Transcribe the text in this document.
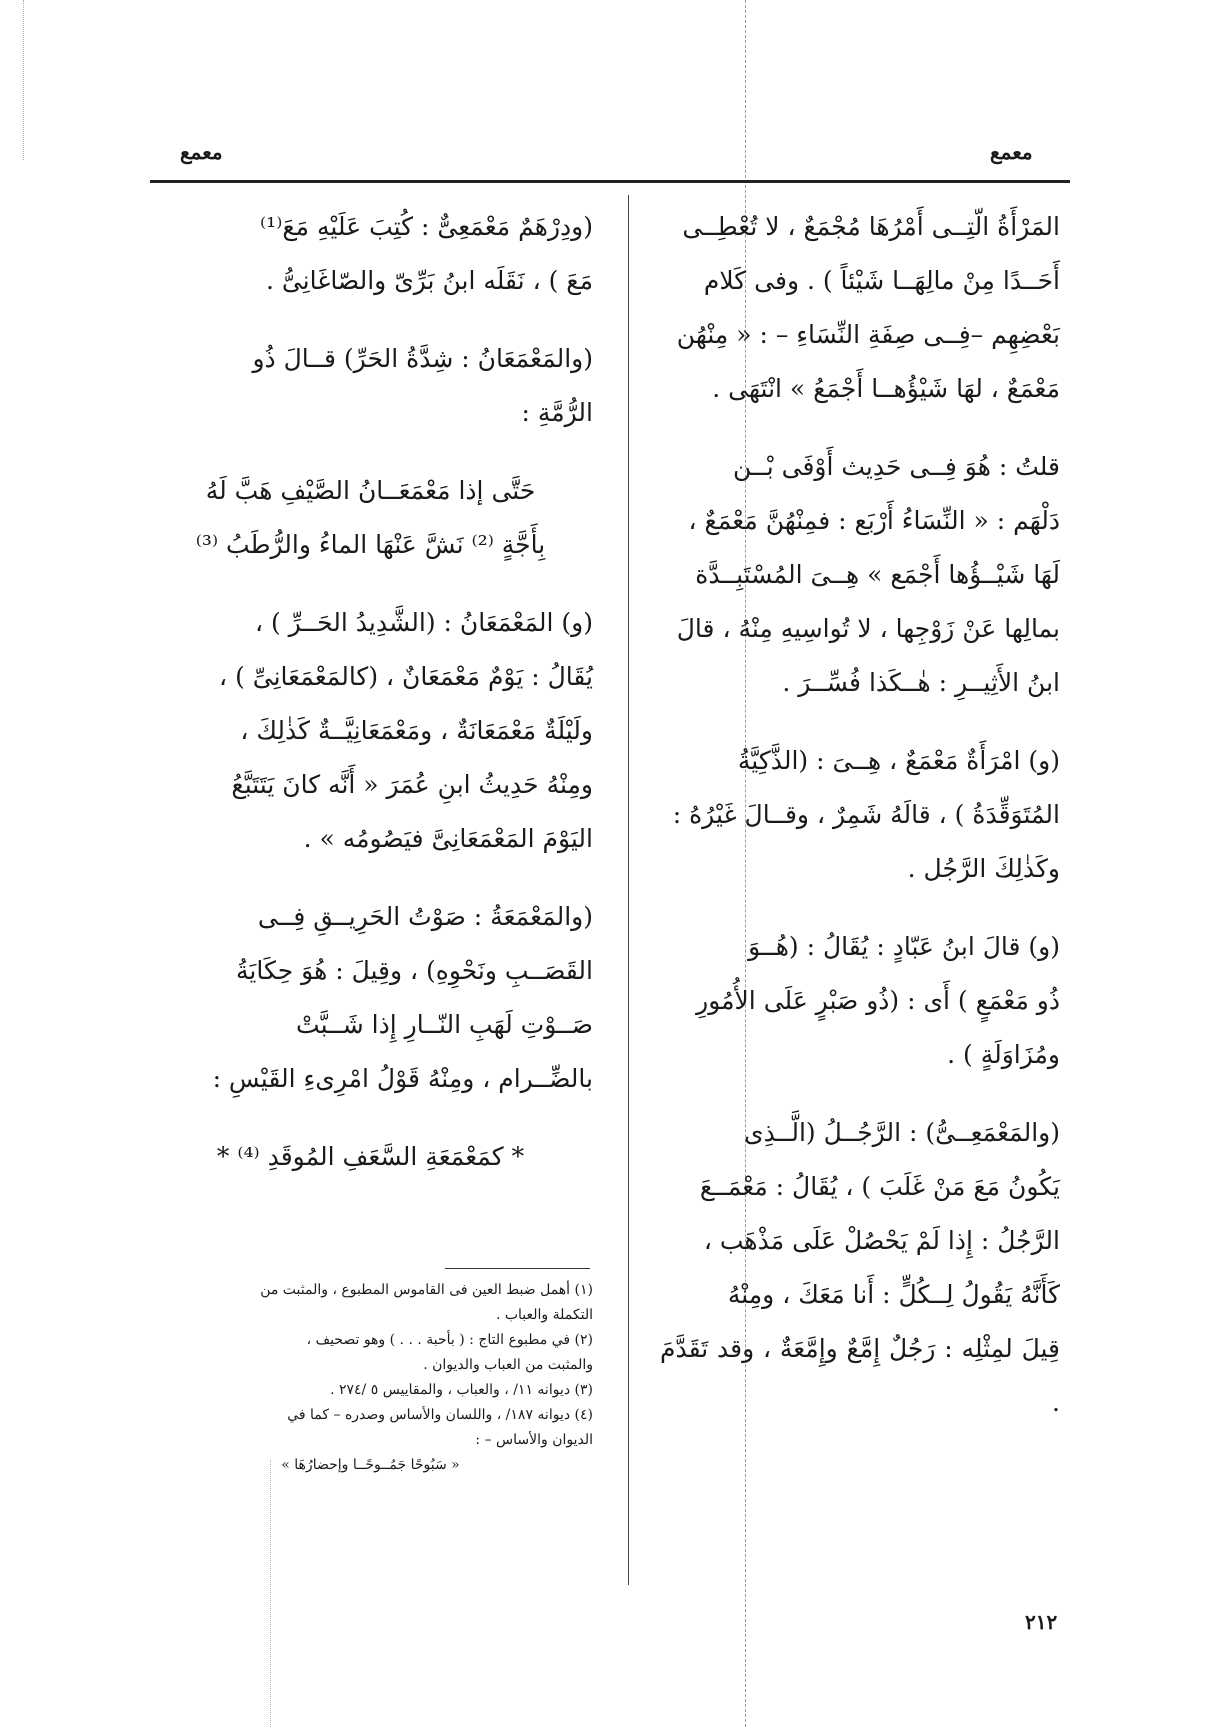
معمع
معمع

المَرْأَةُ الّتِــى أَمْرُهَا مُجْمَعٌ ، لا تُعْطِــى

أَحَــدًا مِنْ مالِهَــا شَيْئاً ) . وفى كَلام

بَعْضِهِم –فِــى صِفَةِ النِّسَاءِ – : « مِنْهُن

مَعْمَعٌ ، لهَا شَيْؤُهــا أَجْمَعُ » انْتَهَى .

قلتُ : هُوَ فِــى حَدِيث أَوْفَى بْــن

دَلْهَم : « النِّسَاءُ أَرْبَع : فمِنْهُنَّ مَعْمَعٌ ،

لَهَا شَيْــؤُها أَجْمَع » هِــىَ المُسْتَبِــدَّة

بمالِها عَنْ زَوْجِها ، لا تُواسِيهِ مِنْهُ ، قالَ

ابنُ الأَثِيــرِ : هٰــكَذا فُسِّــرَ .

(و) امْرَأَةٌ مَعْمَعٌ ، هِــىَ : (الذَّكِيَّةُ

المُتَوَقِّدَةُ ) ، قالَهُ شَمِرٌ ، وقــالَ غَيْرُهُ :

وكَذٰلِكَ الرَّجُل .

(و) قالَ ابنُ عَبّادٍ : يُقَالُ : (هُــوَ

ذُو مَعْمَعٍ ) أَى : (ذُو صَبْرٍ عَلَى الأُمُورِ

ومُزَاوَلَةٍ ) .

(والمَعْمَعِــىُّ) : الرَّجُــلُ (الَّــذِى

يَكُونُ مَعَ مَنْ غَلَبَ ) ، يُقَالُ : مَعْمَــعَ

الرَّجُلُ : إِذا لَمْ يَحْصُلْ عَلَى مَذْهَب ،

كَأَنَّهُ يَقُولُ لِــكُلٍّ : أَنا مَعَكَ ، ومِنْهُ

قِيلَ لمِثْلِه : رَجُلٌ إِمَّعٌ وإِمَّعَةٌ ، وقد تَقَدَّمَ .

(ودِرْهَمٌ مَعْمَعِىٌّ : كُتِبَ عَلَيْهِ مَعَ⁽¹⁾

مَعَ ) ، نَقَلَه ابنُ بَرِّىّ والصّاغَانِىُّ .

(والمَعْمَعَانُ : شِدَّةُ الحَرِّ) قــالَ ذُو

الرُّمَّةِ :

حَتَّى إذا مَعْمَعَــانُ الصَّيْفِ هَبَّ لَهُ

بِأَجَّةٍ ⁽²⁾ نَشَّ عَنْهَا الماءُ والرُّطَبُ ⁽³⁾

(و) المَعْمَعَانُ : (الشَّدِيدُ الحَــرِّ ) ،

يُقَالُ : يَوْمٌ مَعْمَعَانٌ ، (كالمَعْمَعَانِىِّ ) ،

ولَيْلَةٌ مَعْمَعَانَةٌ ، ومَعْمَعَانِيَّــةٌ كَذٰلِكَ ،

ومِنْهُ حَدِيثُ ابنِ عُمَرَ « أَنَّه كانَ يَتَتَبَّعُ

اليَوْمَ المَعْمَعَانِىَّ فيَصُومُه » .

(والمَعْمَعَةُ : صَوْتُ الحَرِيــقِ فِــى

القَصَــبِ ونَحْوِهِ) ، وقِيلَ : هُوَ حِكَايَةُ

صَــوْتِ لَهَبِ النّــارِ إِذا شَــبَّتْ

بالضِّــرام ، ومِنْهُ قَوْلُ امْرِىءِ القَيْسِ :

* كمَعْمَعَةِ السَّعَفِ المُوقَدِ ⁽⁴⁾ *

(١) أهمل ضبط العين فى القاموس المطبوع ، والمثبت من

التكملة والعباب .

(٢) في مطبوع التاج : ( بأحبة . . . ) وهو تصحيف ،

والمثبت من العباب والديوان .

(٣) ديوانه ١١/ ، والعباب ، والمقاييس ٥ /٢٧٤ .

(٤) ديوانه ١٨٧/ ، واللسان والأساس وصدره – كما في

الديوان والأساس – :

« سَبُوحًا جَمُــوحًــا وإحضارُهَا »

٢١٢
